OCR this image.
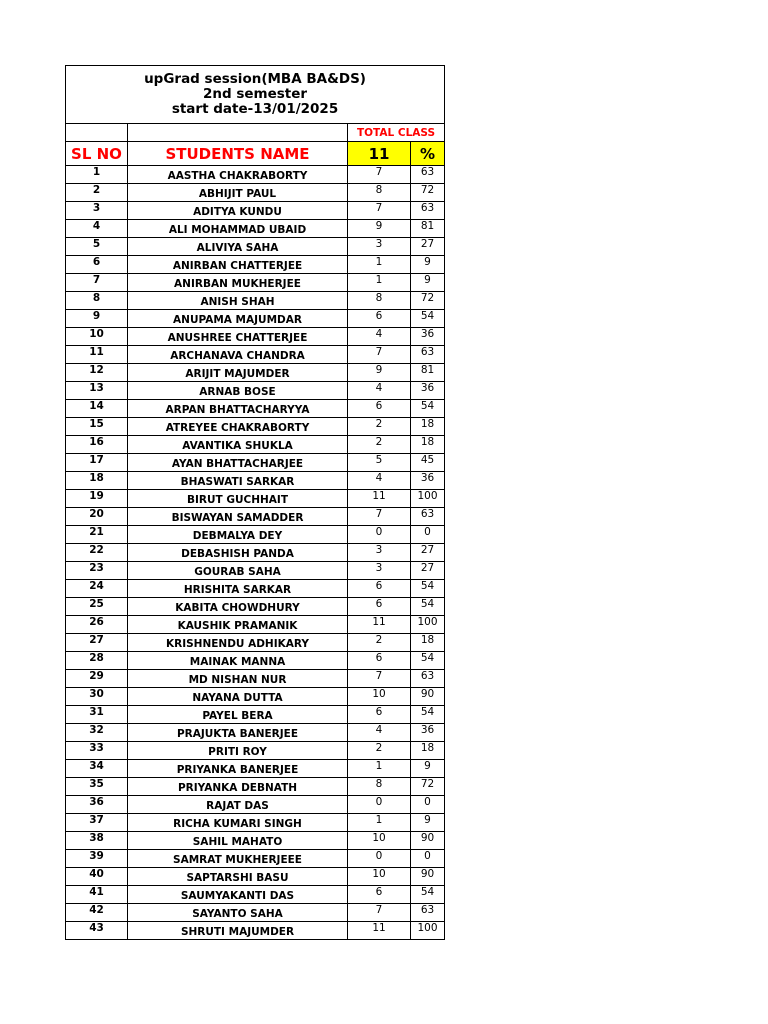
upGrad session(MBA BA&DS)
2nd semester
start date-13/01/2025			

		TOTAL CLASS	
SL NO	STUDENTS NAME	11	%
1	AASTHA CHAKRABORTY	7	63
2	ABHIJIT PAUL	8	72
3	ADITYA KUNDU	7	63
4	ALI MOHAMMAD UBAID	9	81
5	ALIVIYA SAHA	3	27
6	ANIRBAN CHATTERJEE	1	9
7	ANIRBAN MUKHERJEE	1	9
8	ANISH SHAH	8	72
9	ANUPAMA MAJUMDAR	6	54
10	ANUSHREE CHATTERJEE	4	36
11	ARCHANAVA CHANDRA	7	63
12	ARIJIT MAJUMDER	9	81
13	ARNAB BOSE	4	36
14	ARPAN BHATTACHARYYA	6	54
15	ATREYEE CHAKRABORTY	2	18
16	AVANTIKA SHUKLA	2	18
17	AYAN BHATTACHARJEE	5	45
18	BHASWATI SARKAR	4	36
19	BIRUT GUCHHAIT	11	100
20	BISWAYAN SAMADDER	7	63
21	DEBMALYA DEY	0	0
22	DEBASHISH PANDA	3	27
23	GOURAB SAHA	3	27
24	HRISHITA SARKAR	6	54
25	KABITA CHOWDHURY	6	54
26	KAUSHIK PRAMANIK	11	100
27	KRISHNENDU ADHIKARY	2	18
28	MAINAK MANNA	6	54
29	MD NISHAN NUR	7	63
30	NAYANA DUTTA	10	90
31	PAYEL BERA	6	54
32	PRAJUKTA BANERJEE	4	36
33	PRITI ROY	2	18
34	PRIYANKA BANERJEE	1	9
35	PRIYANKA DEBNATH	8	72
36	RAJAT DAS	0	0
37	RICHA KUMARI SINGH	1	9
38	SAHIL MAHATO	10	90
39	SAMRAT MUKHERJEEE	0	0
40	SAPTARSHI BASU	10	90
41	SAUMYAKANTI DAS	6	54
42	SAYANTO SAHA	7	63
43	SHRUTI MAJUMDER	11	100
